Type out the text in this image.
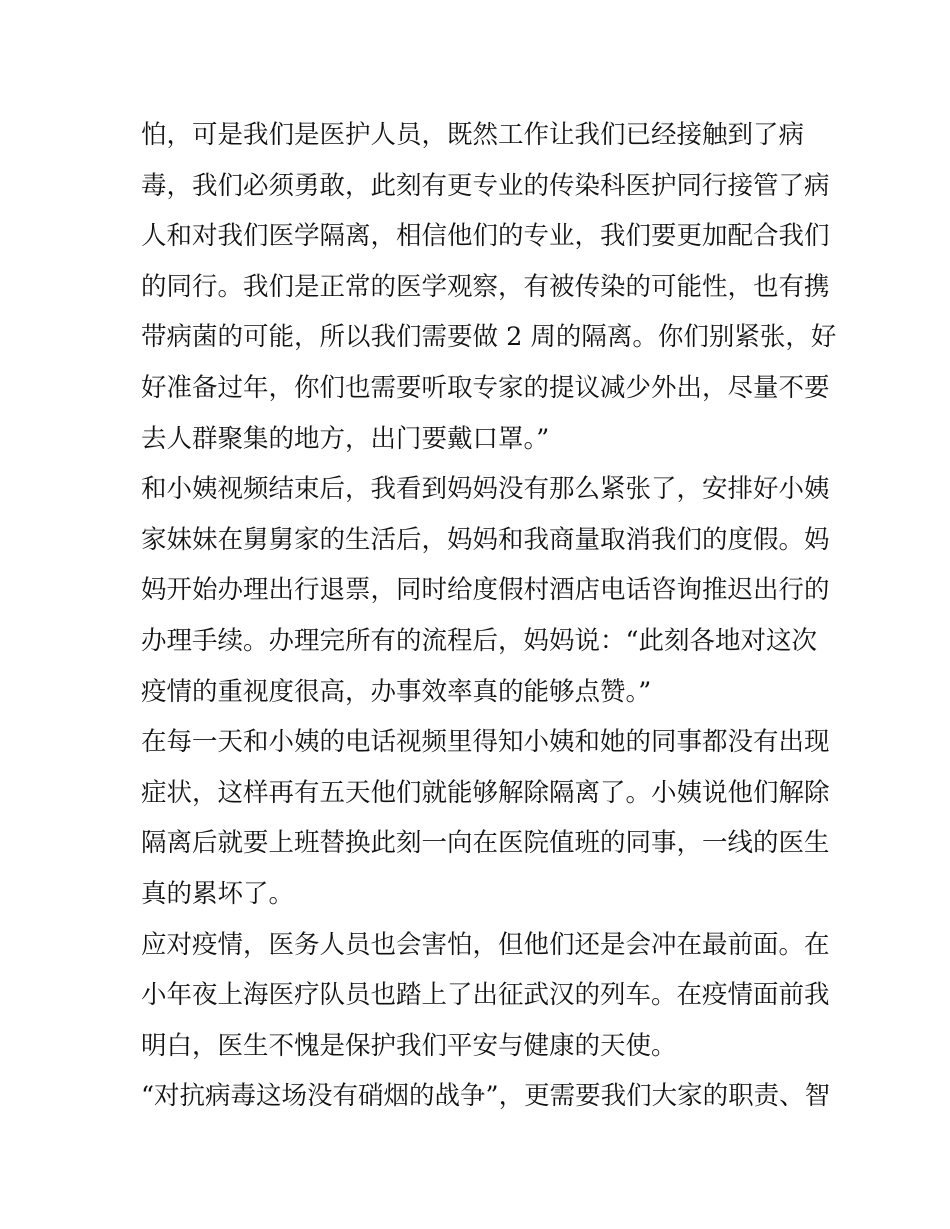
怕，可是我们是医护人员，既然工作让我们已经接触到了病
毒，我们必须勇敢，此刻有更专业的传染科医护同行接管了病
人和对我们医学隔离，相信他们的专业，我们要更加配合我们
的同行。我们是正常的医学观察，有被传染的可能性，也有携
带病菌的可能，所以我们需要做 2 周的隔离。你们别紧张，好
好准备过年，你们也需要听取专家的提议减少外出，尽量不要
去人群聚集的地方，出门要戴口罩。”
和小姨视频结束后，我看到妈妈没有那么紧张了，安排好小姨
家妹妹在舅舅家的生活后，妈妈和我商量取消我们的度假。妈
妈开始办理出行退票，同时给度假村酒店电话咨询推迟出行的
办理手续。办理完所有的流程后，妈妈说：“此刻各地对这次
疫情的重视度很高，办事效率真的能够点赞。”
在每一天和小姨的电话视频里得知小姨和她的同事都没有出现
症状，这样再有五天他们就能够解除隔离了。小姨说他们解除
隔离后就要上班替换此刻一向在医院值班的同事，一线的医生
真的累坏了。
应对疫情，医务人员也会害怕，但他们还是会冲在最前面。在
小年夜上海医疗队员也踏上了出征武汉的列车。在疫情面前我
明白，医生不愧是保护我们平安与健康的天使。
“对抗病毒这场没有硝烟的战争”，更需要我们大家的职责、智
